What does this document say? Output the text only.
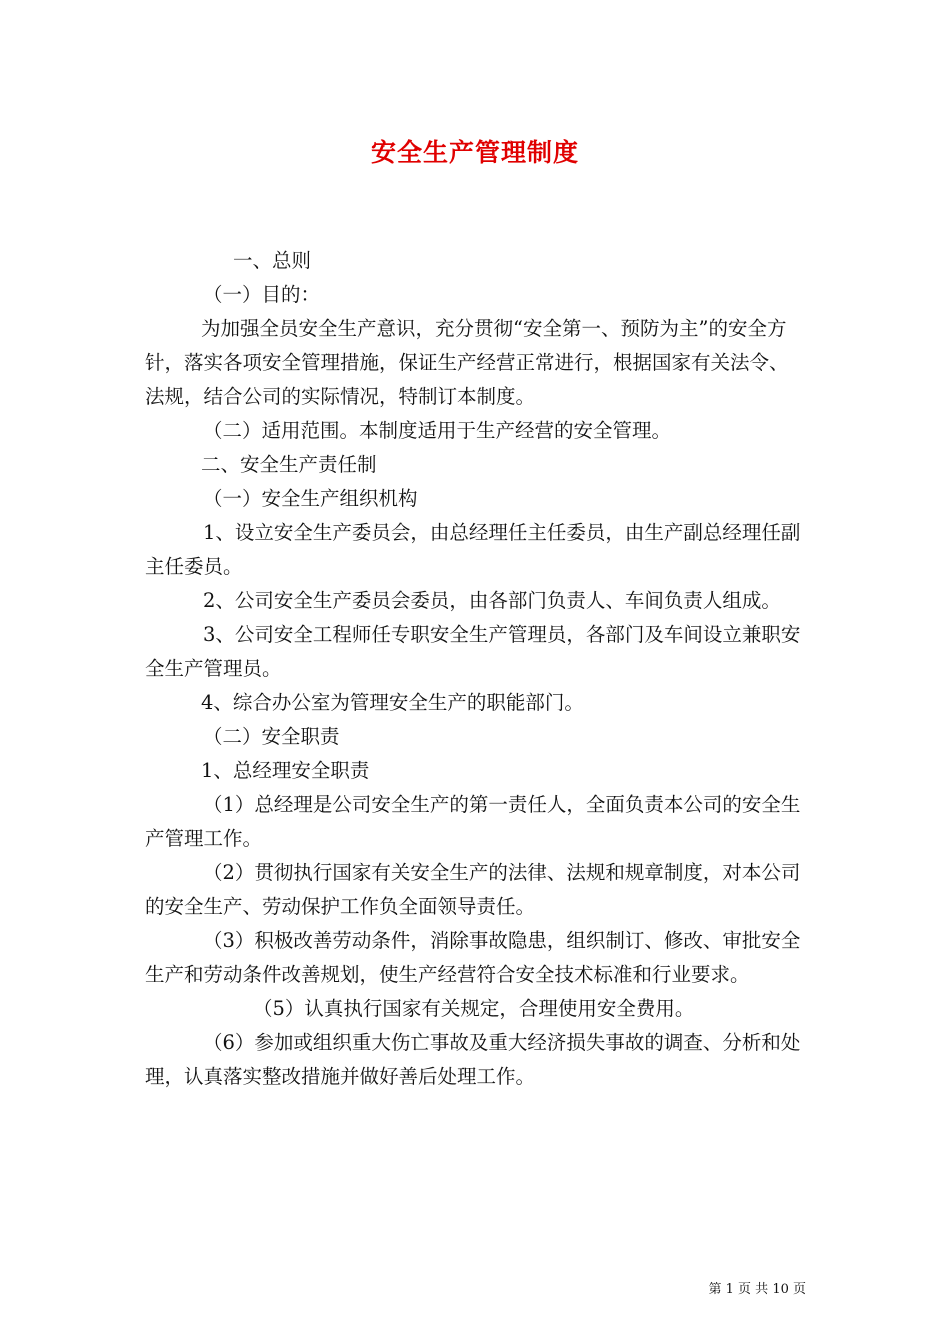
安全生产管理制度

一、总则

（一）目的：

为加强全员安全生产意识，充分贯彻“安全第一、预防为主”的安全方针，落实各项安全管理措施，保证生产经营正常进行，根据国家有关法令、法规，结合公司的实际情况，特制订本制度。

（二）适用范围。本制度适用于生产经营的安全管理。

二、安全生产责任制

（一）安全生产组织机构

1、设立安全生产委员会，由总经理任主任委员，由生产副总经理任副主任委员。

2、公司安全生产委员会委员，由各部门负责人、车间负责人组成。

3、公司安全工程师任专职安全生产管理员，各部门及车间设立兼职安全生产管理员。

4、综合办公室为管理安全生产的职能部门。

（二）安全职责

1、总经理安全职责

（1）总经理是公司安全生产的第一责任人，全面负责本公司的安全生产管理工作。

（2）贯彻执行国家有关安全生产的法律、法规和规章制度，对本公司的安全生产、劳动保护工作负全面领导责任。

（3）积极改善劳动条件，消除事故隐患，组织制订、修改、审批安全生产和劳动条件改善规划，使生产经营符合安全技术标准和行业要求。

（5）认真执行国家有关规定，合理使用安全费用。

（6）参加或组织重大伤亡事故及重大经济损失事故的调查、分析和处理，认真落实整改措施并做好善后处理工作。

第 1 页 共 10 页
